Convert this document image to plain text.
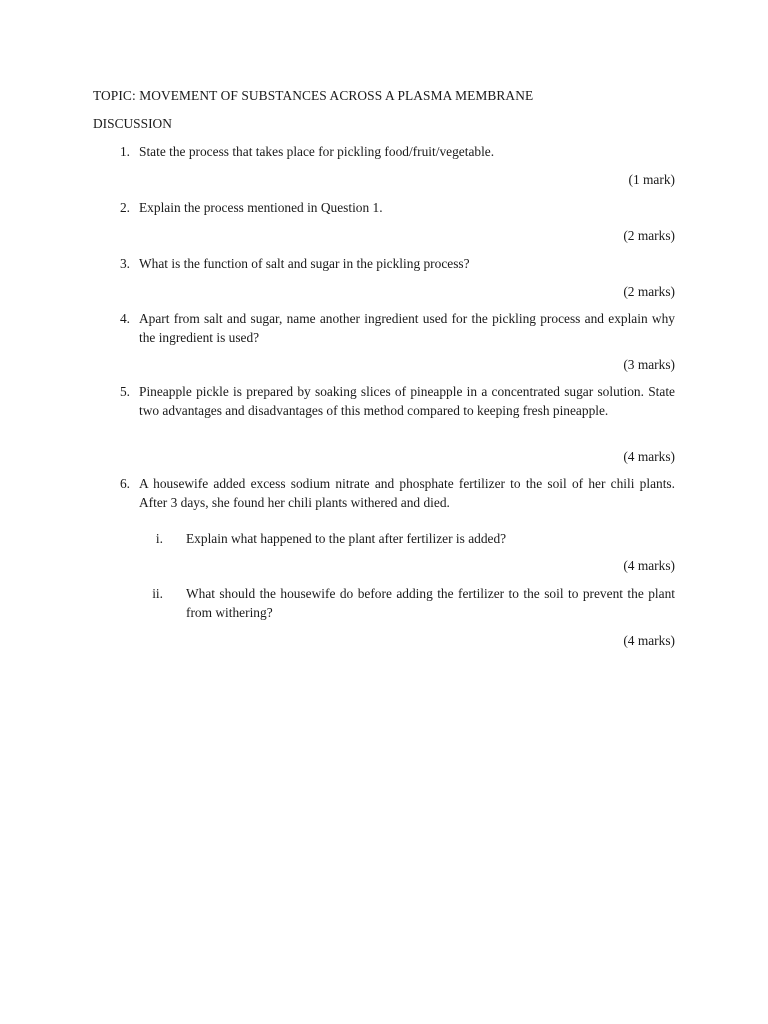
TOPIC: MOVEMENT OF SUBSTANCES ACROSS A PLASMA MEMBRANE
DISCUSSION
1. State the process that takes place for pickling food/fruit/vegetable.
(1 mark)
2. Explain the process mentioned in Question 1.
(2 marks)
3. What is the function of salt and sugar in the pickling process?
(2 marks)
4. Apart from salt and sugar, name another ingredient used for the pickling process and explain why the ingredient is used?
(3 marks)
5. Pineapple pickle is prepared by soaking slices of pineapple in a concentrated sugar solution. State two advantages and disadvantages of this method compared to keeping fresh pineapple.
(4 marks)
6. A housewife added excess sodium nitrate and phosphate fertilizer to the soil of her chili plants. After 3 days, she found her chili plants withered and died.
i. Explain what happened to the plant after fertilizer is added?
(4 marks)
ii. What should the housewife do before adding the fertilizer to the soil to prevent the plant from withering?
(4 marks)
